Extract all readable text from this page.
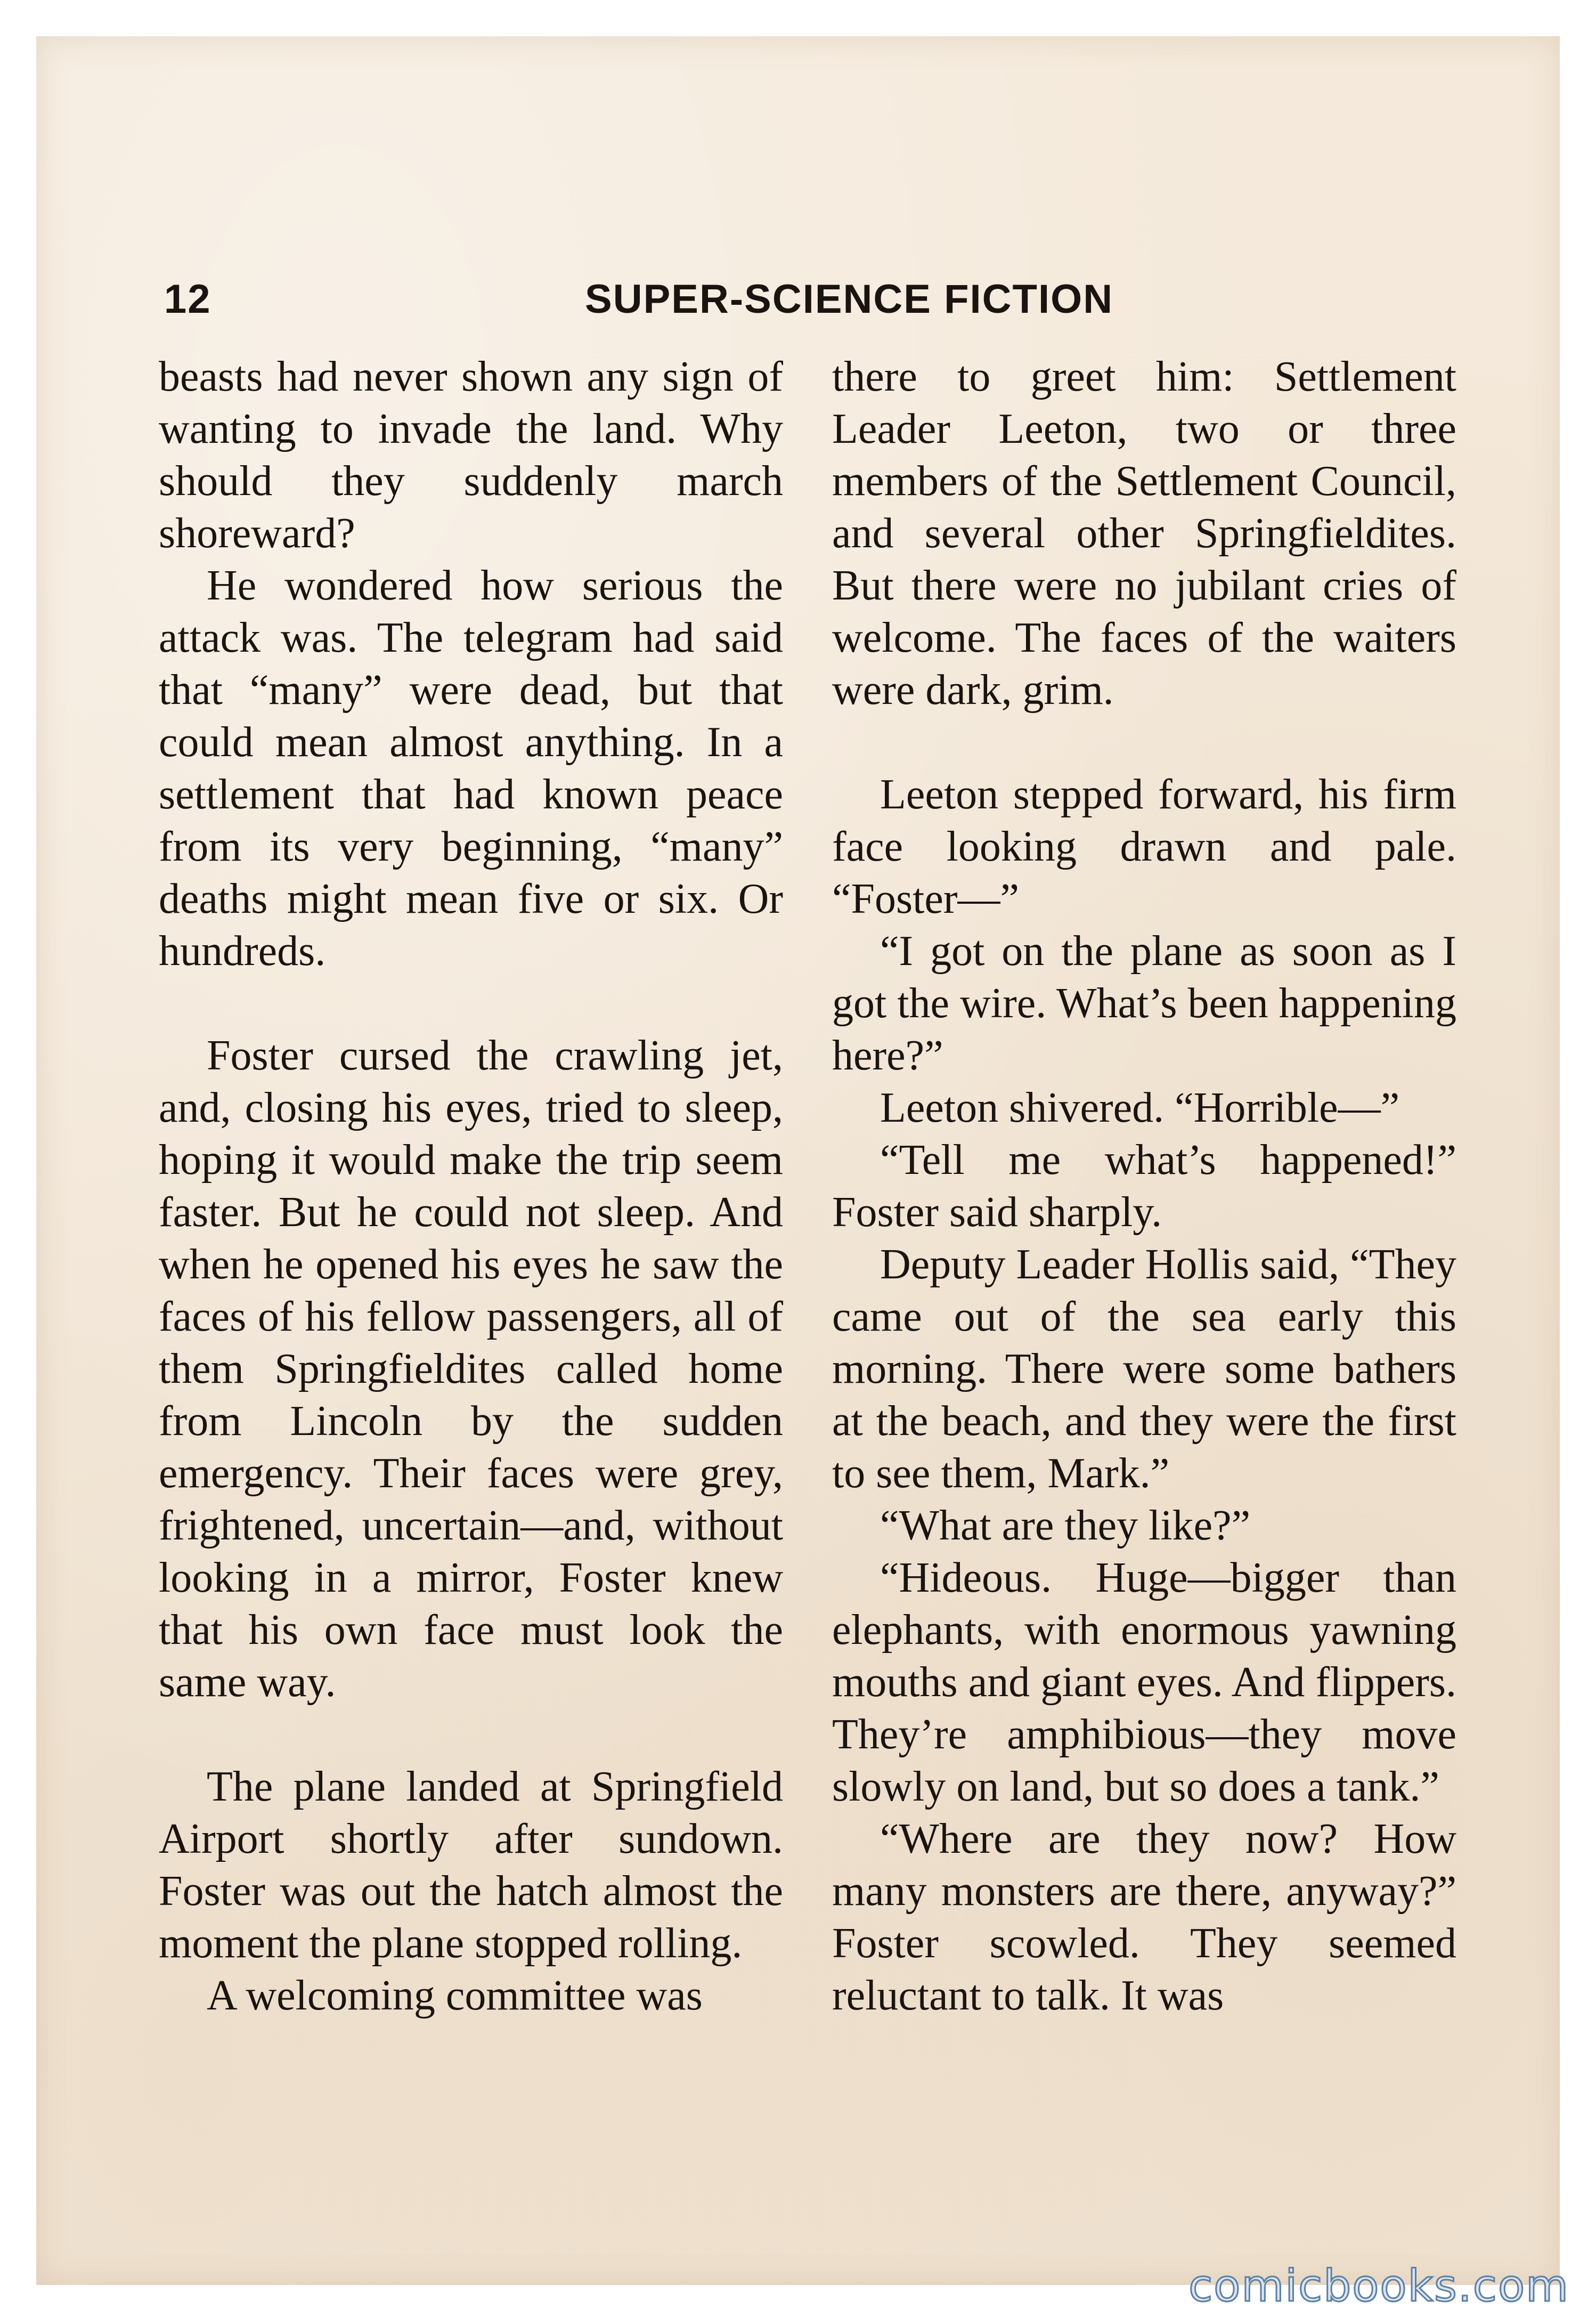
12	SUPER-SCIENCE FICTION

beasts had never shown any sign of wanting to invade the land. Why should they suddenly march shoreward?

He wondered how serious the attack was. The telegram had said that “many” were dead, but that could mean almost anything. In a settlement that had known peace from its very beginning, “many” deaths might mean five or six. Or hundreds.

Foster cursed the crawling jet, and, closing his eyes, tried to sleep, hoping it would make the trip seem faster. But he could not sleep. And when he opened his eyes he saw the faces of his fellow passengers, all of them Springfieldites called home from Lincoln by the sudden emergency. Their faces were grey, frightened, uncertain—and, without looking in a mirror, Foster knew that his own face must look the same way.

The plane landed at Springfield Airport shortly after sundown. Foster was out the hatch almost the moment the plane stopped rolling.

A welcoming committee was

there to greet him: Settlement Leader Leeton, two or three members of the Settlement Council, and several other Springfieldites. But there were no jubilant cries of welcome. The faces of the waiters were dark, grim.

Leeton stepped forward, his firm face looking drawn and pale. “Foster—”

“I got on the plane as soon as I got the wire. What’s been happening here?”

Leeton shivered. “Horrible—”

“Tell me what’s happened!” Foster said sharply.

Deputy Leader Hollis said, “They came out of the sea early this morning. There were some bathers at the beach, and they were the first to see them, Mark.”

“What are they like?”

“Hideous. Huge—bigger than elephants, with enormous yawning mouths and giant eyes. And flippers. They’re amphibious—they move slowly on land, but so does a tank.”

“Where are they now? How many monsters are there, anyway?” Foster scowled. They seemed reluctant to talk. It was

comicbooks.com
